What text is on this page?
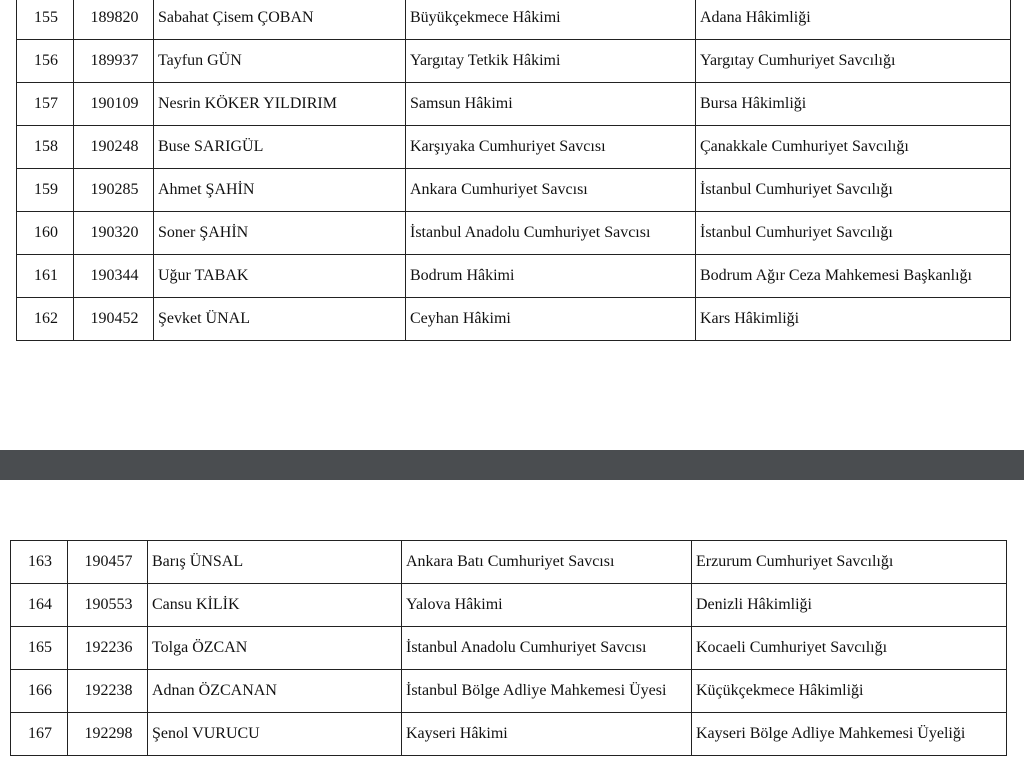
155	189820	Sabahat Çisem ÇOBAN	Büyükçekmece Hâkimi	Adana Hâkimliği
156	189937	Tayfun GÜN	Yargıtay Tetkik Hâkimi	Yargıtay Cumhuriyet Savcılığı
157	190109	Nesrin KÖKER YILDIRIM	Samsun Hâkimi	Bursa Hâkimliği
158	190248	Buse SARIGÜL	Karşıyaka Cumhuriyet Savcısı	Çanakkale Cumhuriyet Savcılığı
159	190285	Ahmet ŞAHİN	Ankara Cumhuriyet Savcısı	İstanbul Cumhuriyet Savcılığı
160	190320	Soner ŞAHİN	İstanbul Anadolu Cumhuriyet Savcısı	İstanbul Cumhuriyet Savcılığı
161	190344	Uğur TABAK	Bodrum Hâkimi	Bodrum Ağır Ceza Mahkemesi Başkanlığı
162	190452	Şevket ÜNAL	Ceyhan Hâkimi	Kars Hâkimliği
163	190457	Barış ÜNSAL	Ankara Batı Cumhuriyet Savcısı	Erzurum Cumhuriyet Savcılığı
164	190553	Cansu KİLİK	Yalova Hâkimi	Denizli Hâkimliği
165	192236	Tolga ÖZCAN	İstanbul Anadolu Cumhuriyet Savcısı	Kocaeli Cumhuriyet Savcılığı
166	192238	Adnan ÖZCANAN	İstanbul Bölge Adliye Mahkemesi Üyesi	Küçükçekmece Hâkimliği
167	192298	Şenol VURUCU	Kayseri Hâkimi	Kayseri Bölge Adliye Mahkemesi Üyeliği
